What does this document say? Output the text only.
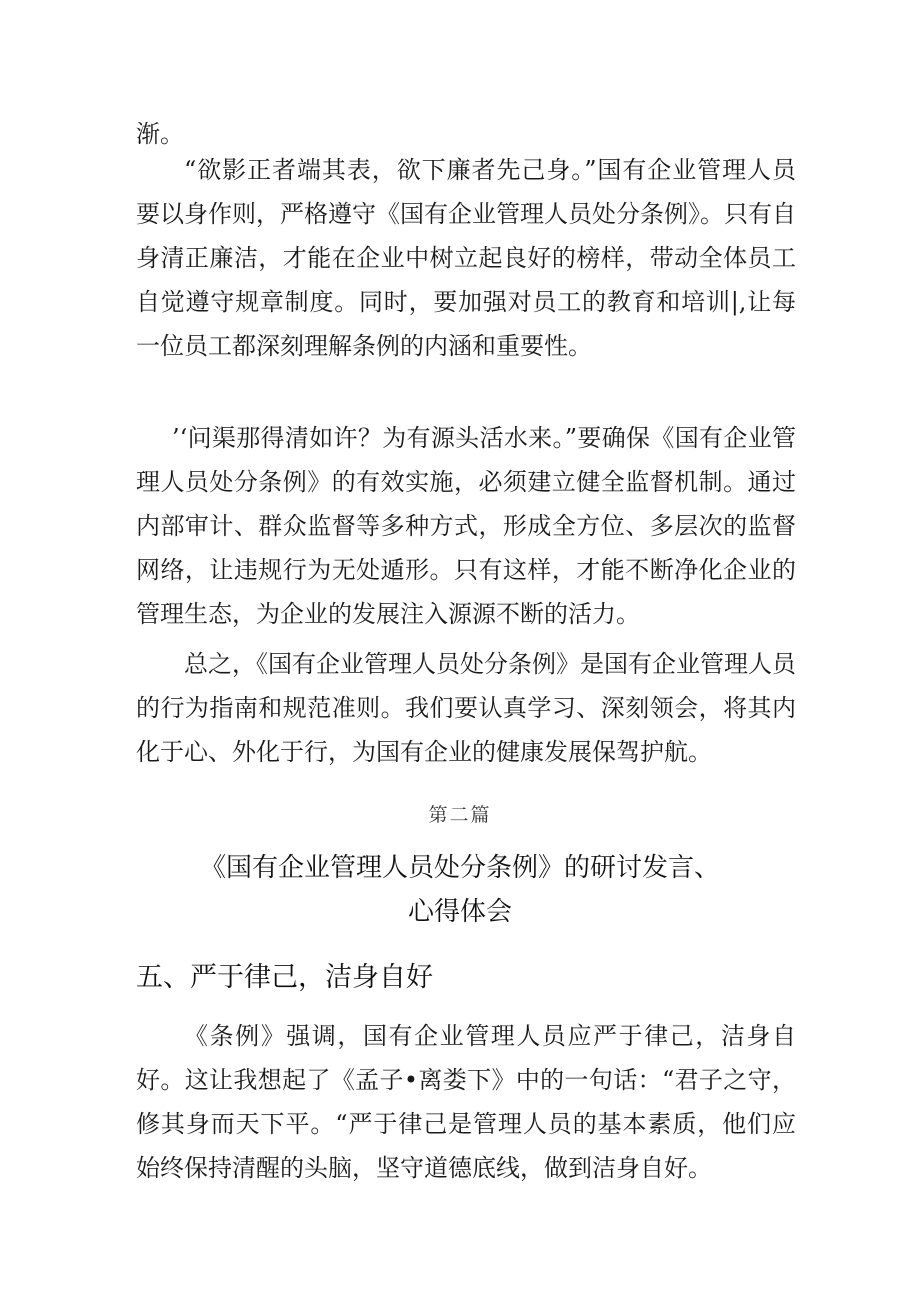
渐。

“欲影正者端其表，欲下廉者先己身。”国有企业管理人员要以身作则，严格遵守《国有企业管理人员处分条例》。只有自身清正廉洁，才能在企业中树立起良好的榜样，带动全体员工自觉遵守规章制度。同时，要加强对员工的教育和培训|,让每一位员工都深刻理解条例的内涵和重要性。

’‘问渠那得清如许？为有源头活水来。”要确保《国有企业管理人员处分条例》的有效实施，必须建立健全监督机制。通过内部审计、群众监督等多种方式，形成全方位、多层次的监督网络，让违规行为无处遁形。只有这样，才能不断净化企业的管理生态，为企业的发展注入源源不断的活力。

总之，《国有企业管理人员处分条例》是国有企业管理人员的行为指南和规范准则。我们要认真学习、深刻领会，将其内化于心、外化于行，为国有企业的健康发展保驾护航。

第二篇
《国有企业管理人员处分条例》的研讨发言、
心得体会
五、严于律己，洁身自好

《条例》强调，国有企业管理人员应严于律己，洁身自好。这让我想起了《孟子•离娄下》中的一句话：“君子之守，修其身而天下平。“严于律己是管理人员的基本素质，他们应始终保持清醒的头脑，坚守道德底线，做到洁身自好。
